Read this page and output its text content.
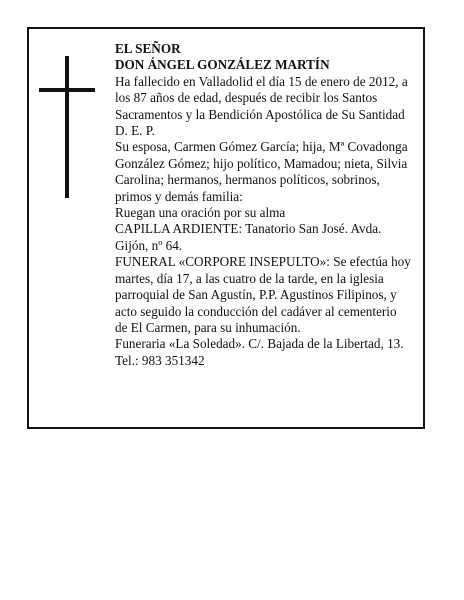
EL SEÑOR

DON ÁNGEL GONZÁLEZ MARTÍN

Ha fallecido en Valladolid el día 15 de enero de 2012, a

los 87 años de edad, después de recibir los Santos

Sacramentos y la Bendición Apostólica de Su Santidad

D. E. P.

Su esposa, Carmen Gómez García; hija, Mª Covadonga

González Gómez; hijo político, Mamadou; nieta, Silvia

Carolina; hermanos, hermanos políticos, sobrinos,

primos y demás familia:

Ruegan una oración por su alma

CAPILLA ARDIENTE: Tanatorio San José. Avda.

Gijón, nº 64.

FUNERAL «CORPORE INSEPULTO»: Se efectúa hoy

martes, día 17, a las cuatro de la tarde, en la iglesia

parroquial de San Agustín, P.P. Agustinos Filipinos, y

acto seguido la conducción del cadáver al cementerio

de El Carmen, para su inhumación.

Funeraria «La Soledad». C/. Bajada de la Libertad, 13.

Tel.: 983 351342
